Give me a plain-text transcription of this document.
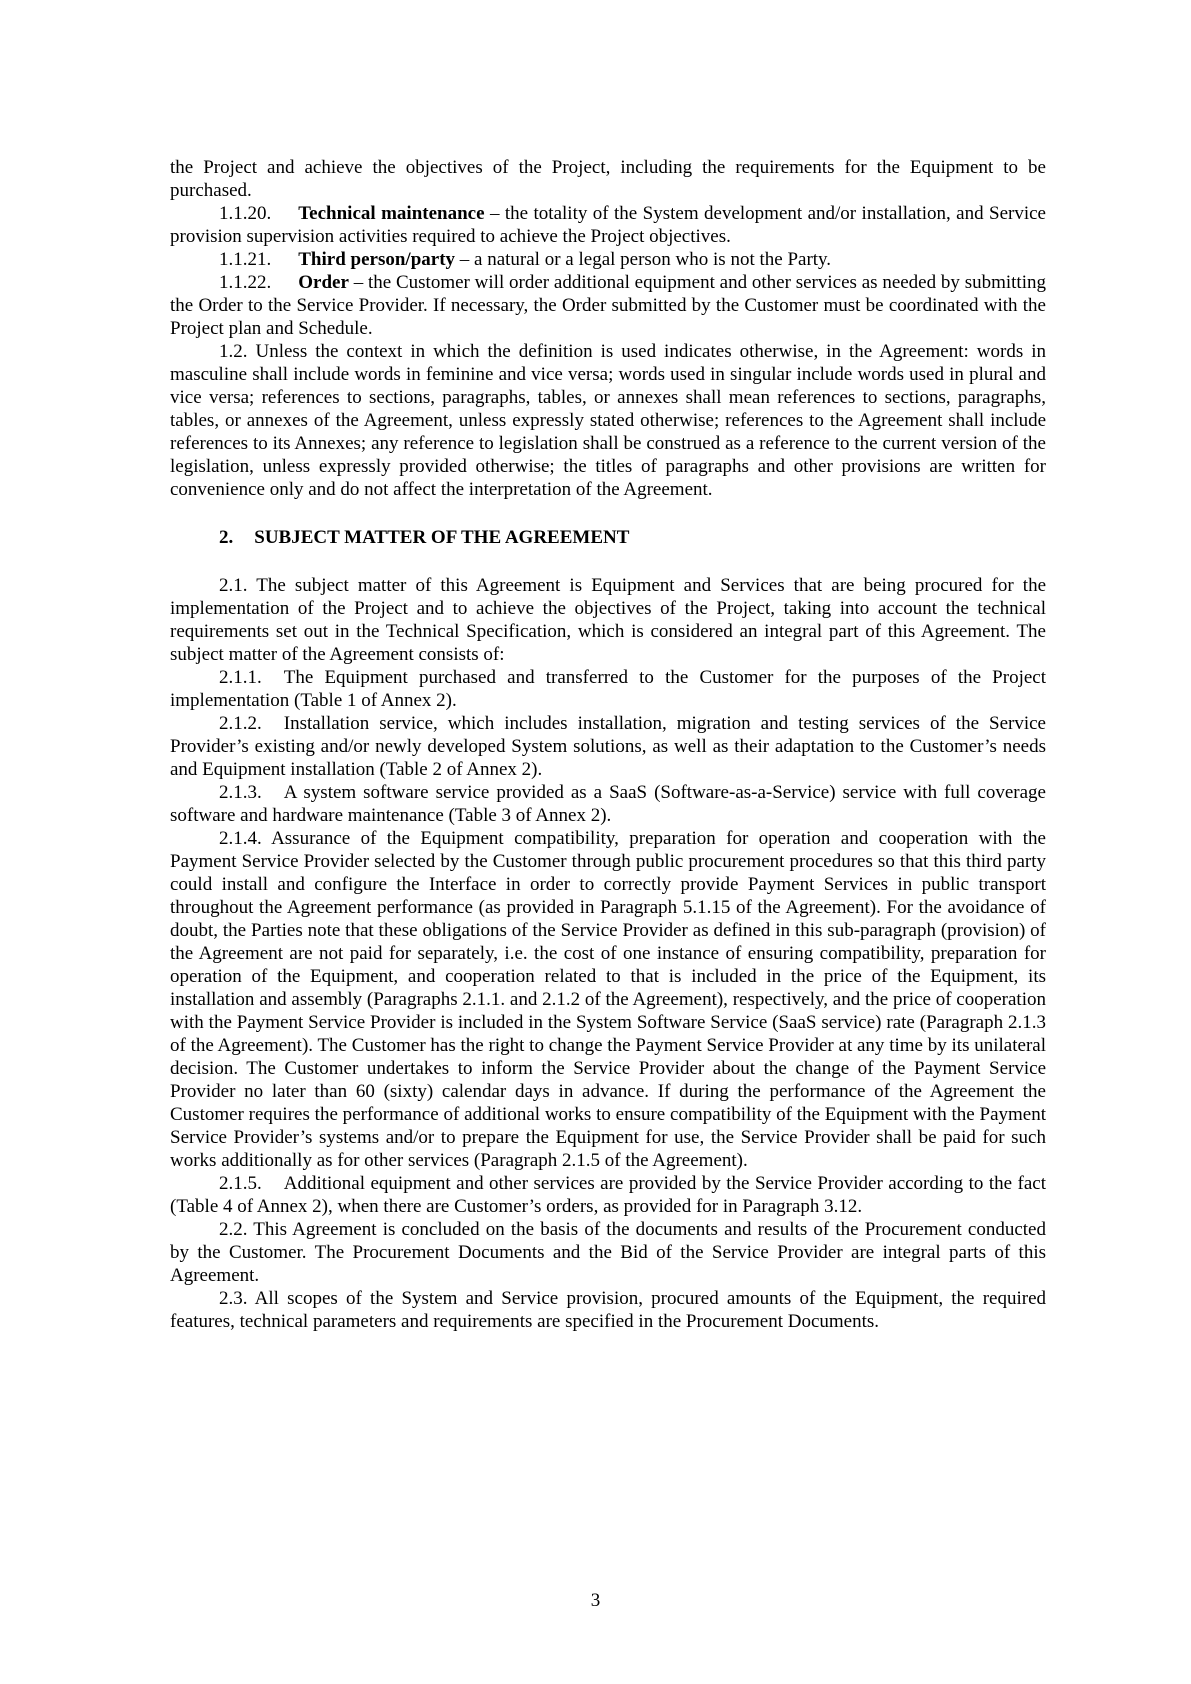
the Project and achieve the objectives of the Project, including the requirements for the Equipment to be purchased.

1.1.20. Technical maintenance – the totality of the System development and/or installation, and Service provision supervision activities required to achieve the Project objectives.

1.1.21. Third person/party – a natural or a legal person who is not the Party.

1.1.22. Order – the Customer will order additional equipment and other services as needed by submitting the Order to the Service Provider. If necessary, the Order submitted by the Customer must be coordinated with the Project plan and Schedule.

1.2. Unless the context in which the definition is used indicates otherwise, in the Agreement: words in masculine shall include words in feminine and vice versa; words used in singular include words used in plural and vice versa; references to sections, paragraphs, tables, or annexes shall mean references to sections, paragraphs, tables, or annexes of the Agreement, unless expressly stated otherwise; references to the Agreement shall include references to its Annexes; any reference to legislation shall be construed as a reference to the current version of the legislation, unless expressly provided otherwise; the titles of paragraphs and other provisions are written for convenience only and do not affect the interpretation of the Agreement.

2. SUBJECT MATTER OF THE AGREEMENT

2.1. The subject matter of this Agreement is Equipment and Services that are being procured for the implementation of the Project and to achieve the objectives of the Project, taking into account the technical requirements set out in the Technical Specification, which is considered an integral part of this Agreement. The subject matter of the Agreement consists of:

2.1.1. The Equipment purchased and transferred to the Customer for the purposes of the Project implementation (Table 1 of Annex 2).

2.1.2. Installation service, which includes installation, migration and testing services of the Service Provider’s existing and/or newly developed System solutions, as well as their adaptation to the Customer’s needs and Equipment installation (Table 2 of Annex 2).

2.1.3. A system software service provided as a SaaS (Software-as-a-Service) service with full coverage software and hardware maintenance (Table 3 of Annex 2).

2.1.4. Assurance of the Equipment compatibility, preparation for operation and cooperation with the Payment Service Provider selected by the Customer through public procurement procedures so that this third party could install and configure the Interface in order to correctly provide Payment Services in public transport throughout the Agreement performance (as provided in Paragraph 5.1.15 of the Agreement). For the avoidance of doubt, the Parties note that these obligations of the Service Provider as defined in this sub-paragraph (provision) of the Agreement are not paid for separately, i.e. the cost of one instance of ensuring compatibility, preparation for operation of the Equipment, and cooperation related to that is included in the price of the Equipment, its installation and assembly (Paragraphs 2.1.1. and 2.1.2 of the Agreement), respectively, and the price of cooperation with the Payment Service Provider is included in the System Software Service (SaaS service) rate (Paragraph 2.1.3 of the Agreement). The Customer has the right to change the Payment Service Provider at any time by its unilateral decision. The Customer undertakes to inform the Service Provider about the change of the Payment Service Provider no later than 60 (sixty) calendar days in advance. If during the performance of the Agreement the Customer requires the performance of additional works to ensure compatibility of the Equipment with the Payment Service Provider’s systems and/or to prepare the Equipment for use, the Service Provider shall be paid for such works additionally as for other services (Paragraph 2.1.5 of the Agreement).

2.1.5. Additional equipment and other services are provided by the Service Provider according to the fact (Table 4 of Annex 2), when there are Customer’s orders, as provided for in Paragraph 3.12.

2.2. This Agreement is concluded on the basis of the documents and results of the Procurement conducted by the Customer. The Procurement Documents and the Bid of the Service Provider are integral parts of this Agreement.

2.3. All scopes of the System and Service provision, procured amounts of the Equipment, the required features, technical parameters and requirements are specified in the Procurement Documents.

3
